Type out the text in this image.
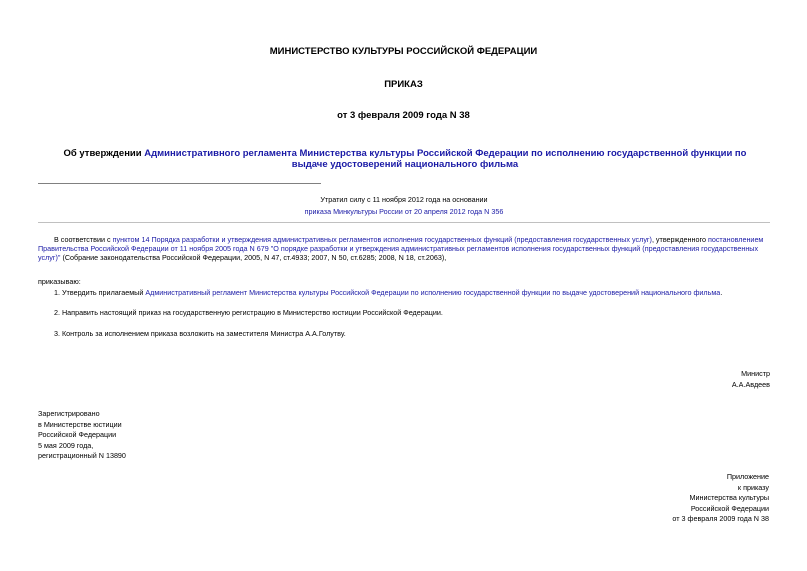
МИНИСТЕРСТВО КУЛЬТУРЫ РОССИЙСКОЙ ФЕДЕРАЦИИ
ПРИКАЗ
от 3 февраля 2009 года N 38
Об утверждении Административного регламента Министерства культуры Российской Федерации по исполнению государственной функции по выдаче удостоверений национального фильма
Утратил силу с 11 ноября 2012 года на основании
приказа Минкультуры России от 20 апреля 2012 года N 356
В соответствии с пунктом 14 Порядка разработки и утверждения административных регламентов исполнения государственных функций (предоставления государственных услуг), утвержденного постановлением Правительства Российской Федерации от 11 ноября 2005 года N 679 "О порядке разработки и утверждения административных регламентов исполнения государственных функций (предоставления государственных услуг)" (Собрание законодательства Российской Федерации, 2005, N 47, ст.4933; 2007, N 50, ст.6285; 2008, N 18, ст.2063),
приказываю:
1. Утвердить прилагаемый Административный регламент Министерства культуры Российской Федерации по исполнению государственной функции по выдаче удостоверений национального фильма.
2. Направить настоящий приказ на государственную регистрацию в Министерство юстиции Российской Федерации.
3. Контроль за исполнением приказа возложить на заместителя Министра А.А.Голутву.
Министр
А.А.Авдеев
Зарегистрировано
в Министерстве юстиции
Российской Федерации
5 мая 2009 года,
регистрационный N 13890
Приложение
к приказу
Министерства культуры
Российской Федерации
от 3 февраля 2009 года N 38
